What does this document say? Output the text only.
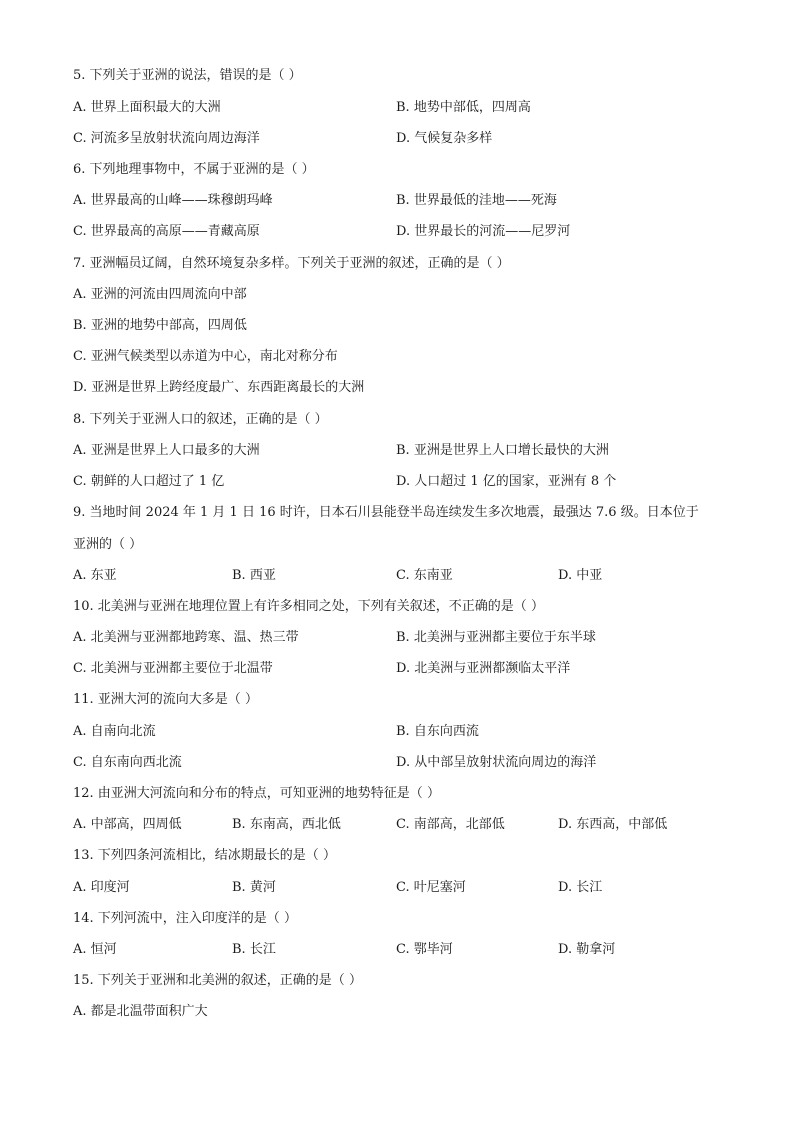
5. 下列关于亚洲的说法，错误的是（ ）
A. 世界上面积最大的大洲	B. 地势中部低，四周高
C. 河流多呈放射状流向周边海洋	D. 气候复杂多样
6. 下列地理事物中，不属于亚洲的是（ ）
A. 世界最高的山峰——珠穆朗玛峰	B. 世界最低的洼地——死海
C. 世界最高的高原——青藏高原	D. 世界最长的河流——尼罗河
7. 亚洲幅员辽阔，自然环境复杂多样。下列关于亚洲的叙述，正确的是（ ）
A. 亚洲的河流由四周流向中部
B. 亚洲的地势中部高，四周低
C. 亚洲气候类型以赤道为中心，南北对称分布
D. 亚洲是世界上跨经度最广、东西距离最长的大洲
8. 下列关于亚洲人口的叙述，正确的是（ ）
A. 亚洲是世界上人口最多的大洲	B. 亚洲是世界上人口增长最快的大洲
C. 朝鲜的人口超过了 1 亿	D. 人口超过 1 亿的国家，亚洲有 8 个
9. 当地时间 2024 年 1 月 1 日 16 时许，日本石川县能登半岛连续发生多次地震，最强达 7.6 级。日本位于
亚洲的（ ）
A. 东亚	B. 西亚	C. 东南亚	D. 中亚
10. 北美洲与亚洲在地理位置上有许多相同之处，下列有关叙述，不正确的是（ ）
A. 北美洲与亚洲都地跨寒、温、热三带	B. 北美洲与亚洲都主要位于东半球
C. 北美洲与亚洲都主要位于北温带	D. 北美洲与亚洲都濒临太平洋
11. 亚洲大河的流向大多是（ ）
A. 自南向北流	B. 自东向西流
C. 自东南向西北流	D. 从中部呈放射状流向周边的海洋
12. 由亚洲大河流向和分布的特点，可知亚洲的地势特征是（ ）
A. 中部高，四周低	B. 东南高，西北低	C. 南部高，北部低	D. 东西高，中部低
13. 下列四条河流相比，结冰期最长的是（ ）
A. 印度河	B. 黄河	C. 叶尼塞河	D. 长江
14. 下列河流中，注入印度洋的是（ ）
A. 恒河	B. 长江	C. 鄂毕河	D. 勒拿河
15. 下列关于亚洲和北美洲的叙述，正确的是（ ）
A. 都是北温带面积广大
